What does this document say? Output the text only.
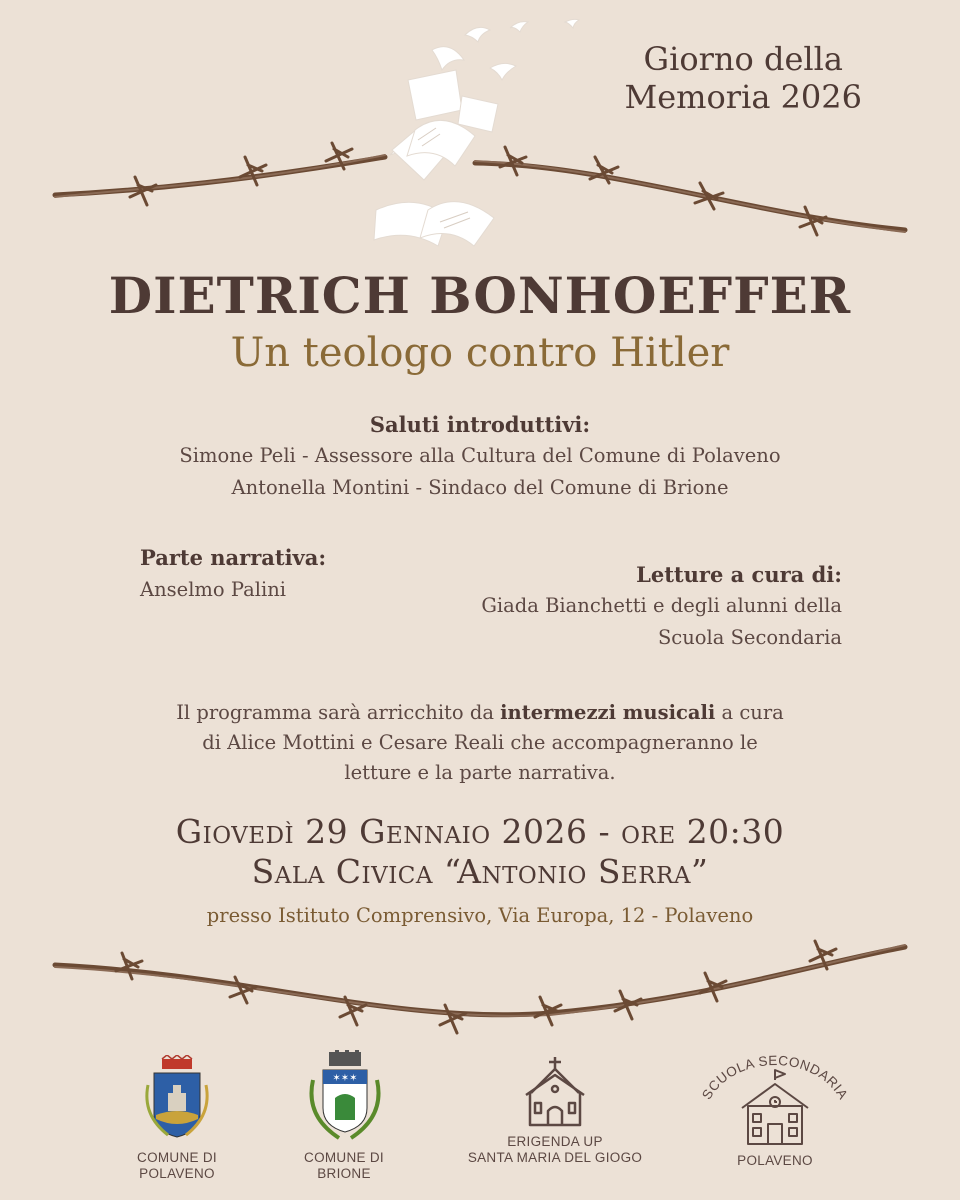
Giorno della
Memoria 2026
DIETRICH BONHOEFFER
Un teologo contro Hitler
Saluti introduttivi:
Simone Peli - Assessore alla Cultura del Comune di Polaveno
Antonella Montini - Sindaco del Comune di Brione
Parte narrativa:
Anselmo Palini
Letture a cura di:
Giada Bianchetti e degli alunni della
Scuola Secondaria
Il programma sarà arricchito da intermezzi musicali a cura
di Alice Mottini e Cesare Reali che accompagneranno le
letture e la parte narrativa.
Giovedì 29 Gennaio 2026 - ore 20:30
Sala Civica “Antonio Serra”
presso Istituto Comprensivo, Via Europa, 12 - Polaveno
COMUNE DI
POLAVENO
✶✶✶
COMUNE DI
BRIONE
ERIGENDA UP
SANTA MARIA DEL GIOGO
SCUOLA SECONDARIA
POLAVENO
